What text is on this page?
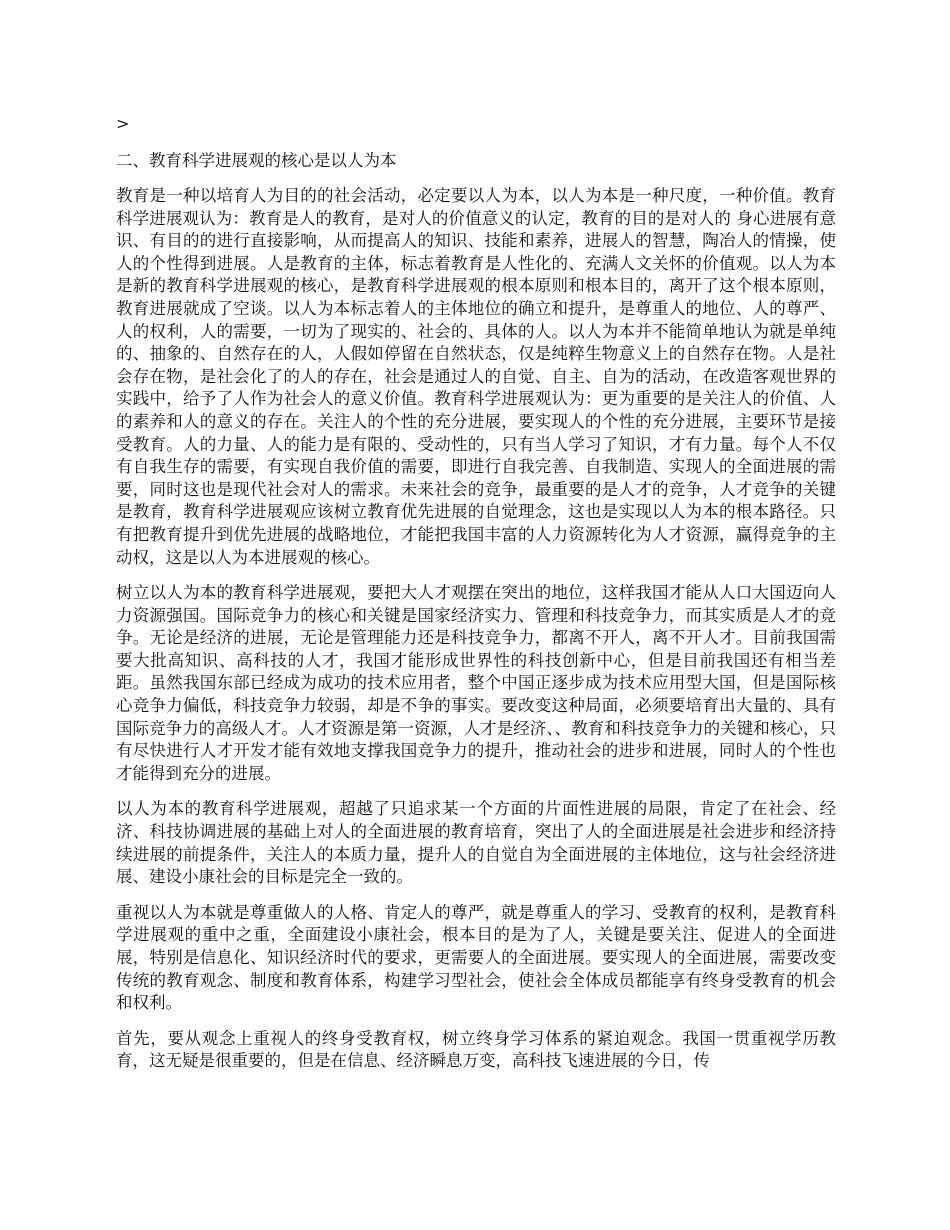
>
二、教育科学进展观的核心是以人为本

教育是一种以培育人为目的的社会活动，必定要以人为本，以人为本是一种尺度，一种价值。教育科学进展观认为：教育是人的教育，是对人的价值意义的认定，教育的目的是对人的 身心进展有意识、有目的的进行直接影响，从而提高人的知识、技能和素养，进展人的智慧，陶冶人的情操，使人的个性得到进展。人是教育的主体，标志着教育是人性化的、充满人文关怀的价值观。以人为本是新的教育科学进展观的核心，是教育科学进展观的根本原则和根本目的，离开了这个根本原则，教育进展就成了空谈。以人为本标志着人的主体地位的确立和提升，是尊重人的地位、人的尊严、人的权利，人的需要，一切为了现实的、社会的、具体的人。以人为本并不能简单地认为就是单纯的、抽象的、自然存在的人，人假如停留在自然状态，仅是纯粹生物意义上的自然存在物。人是社会存在物，是社会化了的人的存在，社会是通过人的自觉、自主、自为的活动，在改造客观世界的实践中，给予了人作为社会人的意义价值。教育科学进展观认为：更为重要的是关注人的价值、人的素养和人的意义的存在。关注人的个性的充分进展，要实现人的个性的充分进展，主要环节是接受教育。人的力量、人的能力是有限的、受动性的，只有当人学习了知识，才有力量。每个人不仅有自我生存的需要，有实现自我价值的需要，即进行自我完善、自我制造、实现人的全面进展的需要，同时这也是现代社会对人的需求。未来社会的竞争，最重要的是人才的竞争，人才竞争的关键是教育，教育科学进展观应该树立教育优先进展的自觉理念，这也是实现以人为本的根本路径。只有把教育提升到优先进展的战略地位，才能把我国丰富的人力资源转化为人才资源，赢得竞争的主动权，这是以人为本进展观的核心。

树立以人为本的教育科学进展观，要把大人才观摆在突出的地位，这样我国才能从人口大国迈向人力资源强国。国际竞争力的核心和关键是国家经济实力、管理和科技竞争力，而其实质是人才的竞争。无论是经济的进展，无论是管理能力还是科技竞争力，都离不开人，离不开人才。目前我国需要大批高知识、高科技的人才，我国才能形成世界性的科技创新中心，但是目前我国还有相当差距。虽然我国东部已经成为成功的技术应用者，整个中国正逐步成为技术应用型大国，但是国际核心竞争力偏低，科技竞争力较弱，却是不争的事实。要改变这种局面，必须要培育出大量的、具有国际竞争力的高级人才。人才资源是第一资源，人才是经济、、教育和科技竞争力的关键和核心，只有尽快进行人才开发才能有效地支撑我国竞争力的提升，推动社会的进步和进展，同时人的个性也才能得到充分的进展。

以人为本的教育科学进展观，超越了只追求某一个方面的片面性进展的局限，肯定了在社会、经济、科技协调进展的基础上对人的全面进展的教育培育，突出了人的全面进展是社会进步和经济持续进展的前提条件，关注人的本质力量，提升人的自觉自为全面进展的主体地位，这与社会经济进展、建设小康社会的目标是完全一致的。

重视以人为本就是尊重做人的人格、肯定人的尊严，就是尊重人的学习、受教育的权利，是教育科学进展观的重中之重，全面建设小康社会，根本目的是为了人，关键是要关注、促进人的全面进展，特别是信息化、知识经济时代的要求，更需要人的全面进展。要实现人的全面进展，需要改变传统的教育观念、制度和教育体系，构建学习型社会，使社会全体成员都能享有终身受教育的机会和权利。

首先，要从观念上重视人的终身受教育权，树立终身学习体系的紧迫观念。我国一贯重视学历教育，这无疑是很重要的，但是在信息、经济瞬息万变，高科技飞速进展的今日，传
